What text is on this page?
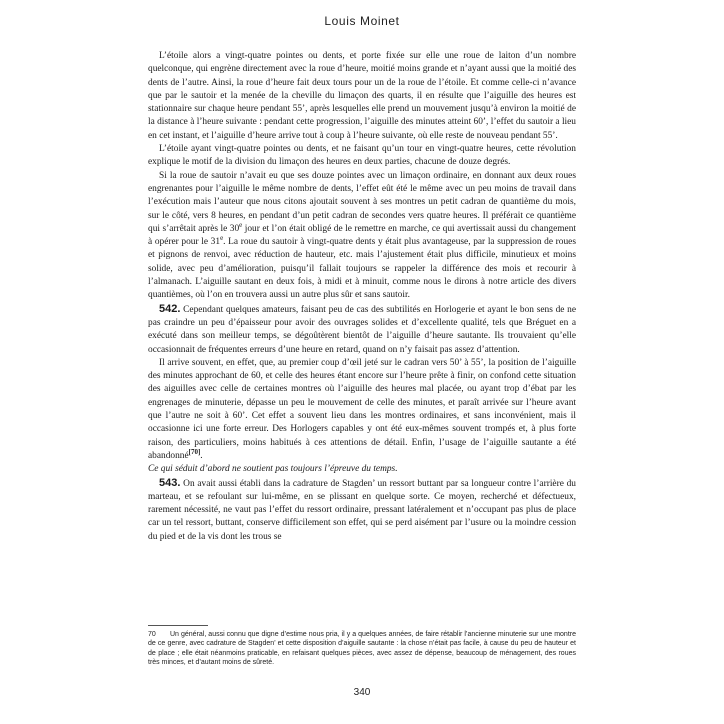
Louis Moinet

L’étoile alors a vingt-quatre pointes ou dents, et porte fixée sur elle une roue de laiton d’un nombre quelconque, qui engrène directement avec la roue d’heure, moitié moins grande et n’ayant aussi que la moitié des dents de l’autre. Ainsi, la roue d’heure fait deux tours pour un de la roue de l’étoile. Et comme celle-ci n’avance que par le sautoir et la menée de la cheville du limaçon des quarts, il en résulte que l’aiguille des heures est stationnaire sur chaque heure pendant 55’, après lesquelles elle prend un mouvement jusqu’à environ la moitié de la distance à l’heure suivante : pendant cette progression, l’aiguille des minutes atteint 60’, l’effet du sautoir a lieu en cet instant, et l’aiguille d’heure arrive tout à coup à l’heure suivante, où elle reste de nouveau pendant 55’.

L’étoile ayant vingt-quatre pointes ou dents, et ne faisant qu’un tour en vingt-quatre heures, cette révolution explique le motif de la division du limaçon des heures en deux parties, chacune de douze degrés.

Si la roue de sautoir n’avait eu que ses douze pointes avec un limaçon ordinaire, en donnant aux deux roues engrenantes pour l’aiguille le même nombre de dents, l’effet eût été le même avec un peu moins de travail dans l’exécution mais l’auteur que nous citons ajoutait souvent à ses montres un petit cadran de quantième du mois, sur le côté, vers 8 heures, en pendant d’un petit cadran de secondes vers quatre heures. Il préférait ce quantième qui s’arrêtait après le 30e jour et l’on était obligé de le remettre en marche, ce qui avertissait aussi du changement à opérer pour le 31e. La roue du sautoir à vingt-quatre dents y était plus avantageuse, par la suppression de roues et pignons de renvoi, avec réduction de hauteur, etc. mais l’ajustement était plus difficile, minutieux et moins solide, avec peu d’amélioration, puisqu’il fallait toujours se rappeler la différence des mois et recourir à l’almanach. L’aiguille sautant en deux fois, à midi et à minuit, comme nous le dirons à notre article des divers quantièmes, où l’on en trouvera aussi un autre plus sûr et sans sautoir.

542. Cependant quelques amateurs, faisant peu de cas des subtilités en Horlogerie et ayant le bon sens de ne pas craindre un peu d’épaisseur pour avoir des ouvrages solides et d’excellente qualité, tels que Bréguet en a exécuté dans son meilleur temps, se dégoûtèrent bientôt de l’aiguille d’heure sautante. Ils trouvaient qu’elle occasionnait de fréquentes erreurs d’une heure en retard, quand on n’y faisait pas assez d’attention.

Il arrive souvent, en effet, que, au premier coup d’œil jeté sur le cadran vers 50’ à 55’, la position de l’aiguille des minutes approchant de 60, et celle des heures étant encore sur l’heure prête à finir, on confond cette situation des aiguilles avec celle de certaines montres où l’aiguille des heures mal placée, ou ayant trop d’ébat par les engrenages de minuterie, dépasse un peu le mouvement de celle des minutes, et paraît arrivée sur l’heure avant que l’autre ne soit à 60’. Cet effet a souvent lieu dans les montres ordinaires, et sans inconvénient, mais il occasionne ici une forte erreur. Des Horlogers capables y ont été eux-mêmes souvent trompés et, à plus forte raison, des particuliers, moins habitués à ces attentions de détail. Enfin, l’usage de l’aiguille sautante a été abandonné[70].

Ce qui séduit d’abord ne soutient pas toujours l’épreuve du temps.

543. On avait aussi établi dans la cadrature de Stagden’ un ressort buttant par sa longueur contre l’arrière du marteau, et se refoulant sur lui-même, en se plissant en quelque sorte. Ce moyen, recherché et défectueux, rarement nécessité, ne vaut pas l’effet du ressort ordinaire, pressant latéralement et n’occupant pas plus de place car un tel ressort, buttant, conserve difficilement son effet, qui se perd aisément par l’usure ou la moindre cession du pied et de la vis dont les trous se

70 Un général, aussi connu que digne d’estime nous pria, il y a quelques années, de faire rétablir l’ancienne minuterie sur une montre de ce genre, avec cadrature de Stagden’ et cette disposition d’aiguille sautante : la chose n’était pas facile, à cause du peu de hauteur et de place ; elle était néanmoins praticable, en refaisant quelques pièces, avec assez de dépense, beaucoup de ménagement, des roues très minces, et d’autant moins de sûreté.
340
